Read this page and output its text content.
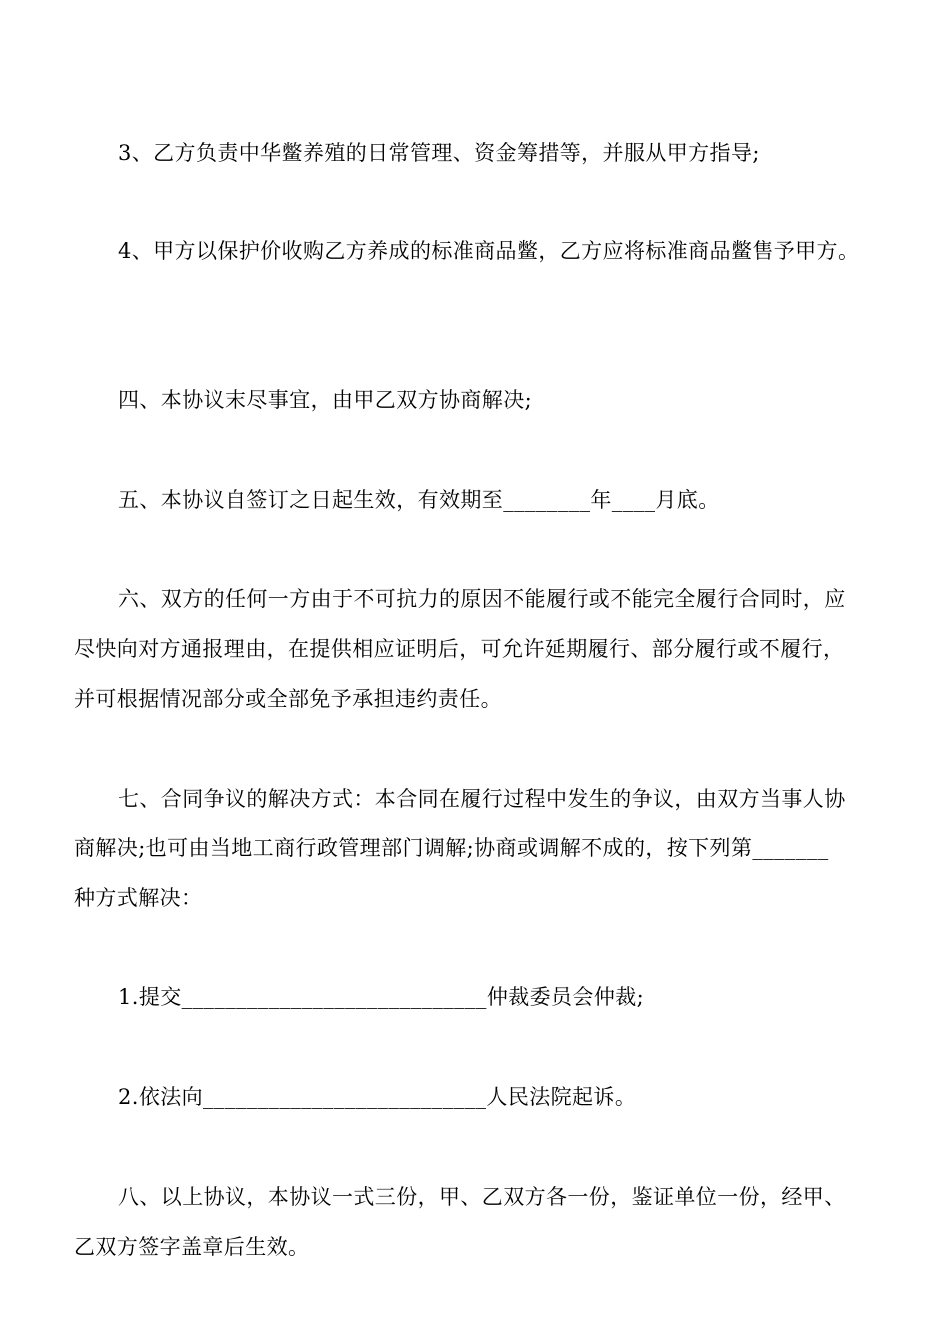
3、乙方负责中华鳖养殖的日常管理、资金筹措等，并服从甲方指导;
4、甲方以保护价收购乙方养成的标准商品鳖，乙方应将标准商品鳖售予甲方。
四、本协议末尽事宜，由甲乙双方协商解决;
五、本协议自签订之日起生效，有效期至________年____月底。
六、双方的任何一方由于不可抗力的原因不能履行或不能完全履行合同时，应
尽快向对方通报理由，在提供相应证明后，可允许延期履行、部分履行或不履行，
并可根据情况部分或全部免予承担违约责任。
七、合同争议的解决方式：本合同在履行过程中发生的争议，由双方当事人协
商解决;也可由当地工商行政管理部门调解;协商或调解不成的，按下列第_______
种方式解决：
1.提交____________________________仲裁委员会仲裁;
2.依法向__________________________人民法院起诉。
八、以上协议，本协议一式三份，甲、乙双方各一份，鉴证单位一份，经甲、
乙双方签字盖章后生效。
